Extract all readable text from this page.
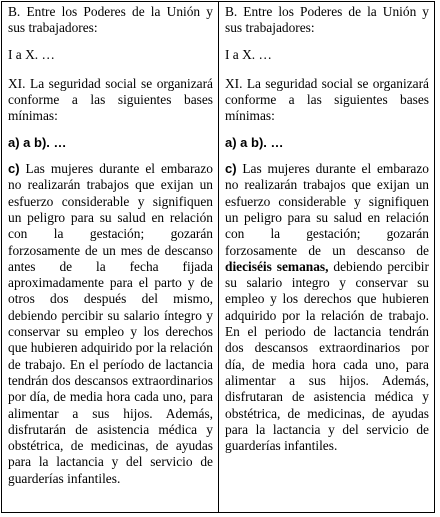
B. Entre los Poderes de la Unión y sus trabajadores:

I a X. …

XI. La seguridad social se organizará conforme a las siguientes bases mínimas:

a) a b). …

c) Las mujeres durante el embarazo no realizarán trabajos que exijan un esfuerzo considerable y signifiquen un peligro para su salud en relación con la gestación; gozarán forzosamente de un mes de descanso antes de la fecha fijada aproximadamente para el parto y de otros dos después del mismo, debiendo percibir su salario íntegro y conservar su empleo y los derechos que hubieren adquirido por la relación de trabajo. En el período de lactancia tendrán dos descansos extraordinarios por día, de media hora cada uno, para alimentar a sus hijos. Además, disfrutarán de asistencia médica y obstétrica, de medicinas, de ayudas para la lactancia y del servicio de guarderías infantiles.

B. Entre los Poderes de la Unión y sus trabajadores:

I a X. …

XI. La seguridad social se organizará conforme a las siguientes bases mínimas:

a) a b). …

c) Las mujeres durante el embarazo no realizarán trabajos que exijan un esfuerzo considerable y signifiquen un peligro para su salud en relación con la gestación; gozarán forzosamente de un descanso de dieciséis semanas, debiendo percibir su salario integro y conservar su empleo y los derechos que hubieren adquirido por la relación de trabajo. En el periodo de lactancia tendrán dos descansos extraordinarios por día, de media hora cada uno, para alimentar a sus hijos. Además, disfrutaran de asistencia médica y obstétrica, de medicinas, de ayudas para la lactancia y del servicio de guarderías infantiles.
